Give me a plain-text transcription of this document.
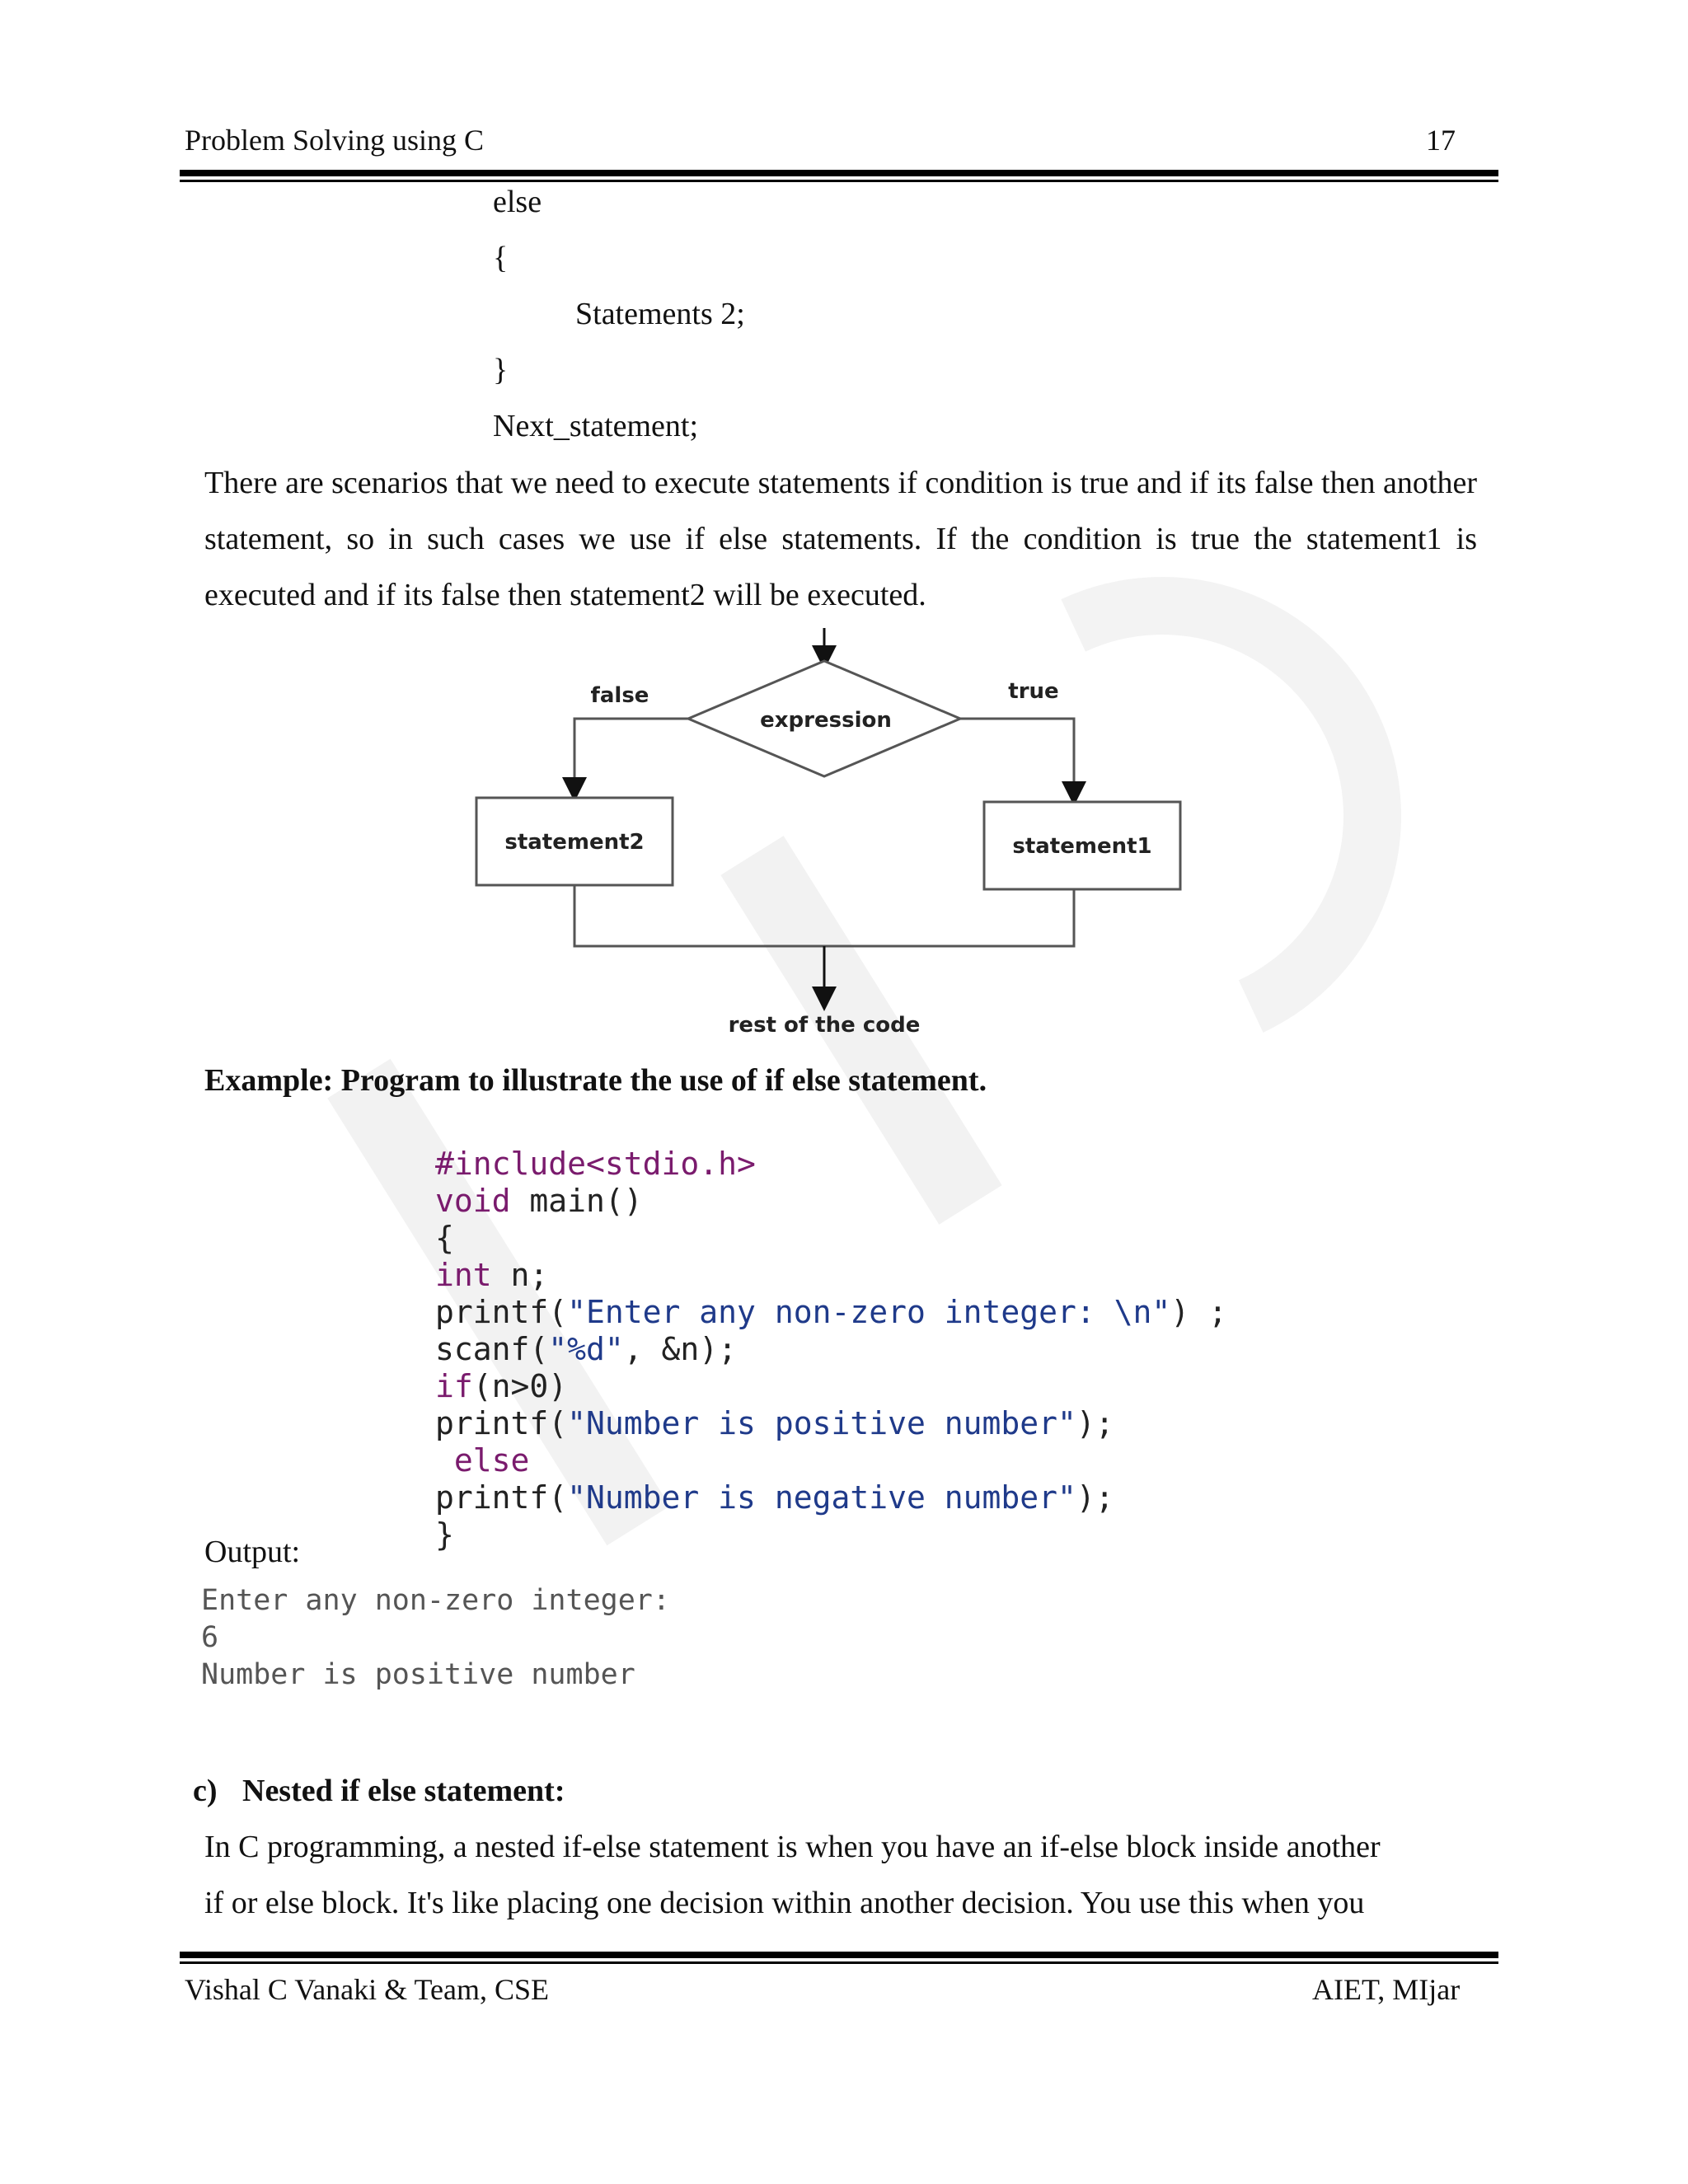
Problem Solving using C	17
else
{
Statements 2;
}
Next_statement;
There are scenarios that we need to execute statements if condition is true and if its false then another statement, so in such cases we use if else statements. If the condition is true the statement1 is executed and if its false then statement2 will be executed.
expression
false	true
statement2	statement1
rest of the code
Example: Program to illustrate the use of if else statement.

#include<stdio.h>
void main()
{
int n;
printf("Enter any non-zero integer: \n") ;
scanf("%d", &n);
if(n>0)
printf("Number is positive number");
else
printf("Number is negative number");
}

Output:
Enter any non-zero integer:
6
Number is positive number
c) Nested if else statement:
In C programming, a nested if-else statement is when you have an if-else block inside another
if or else block. It's like placing one decision within another decision. You use this when you
Vishal C Vanaki & Team, CSE	AIET, MIjar
